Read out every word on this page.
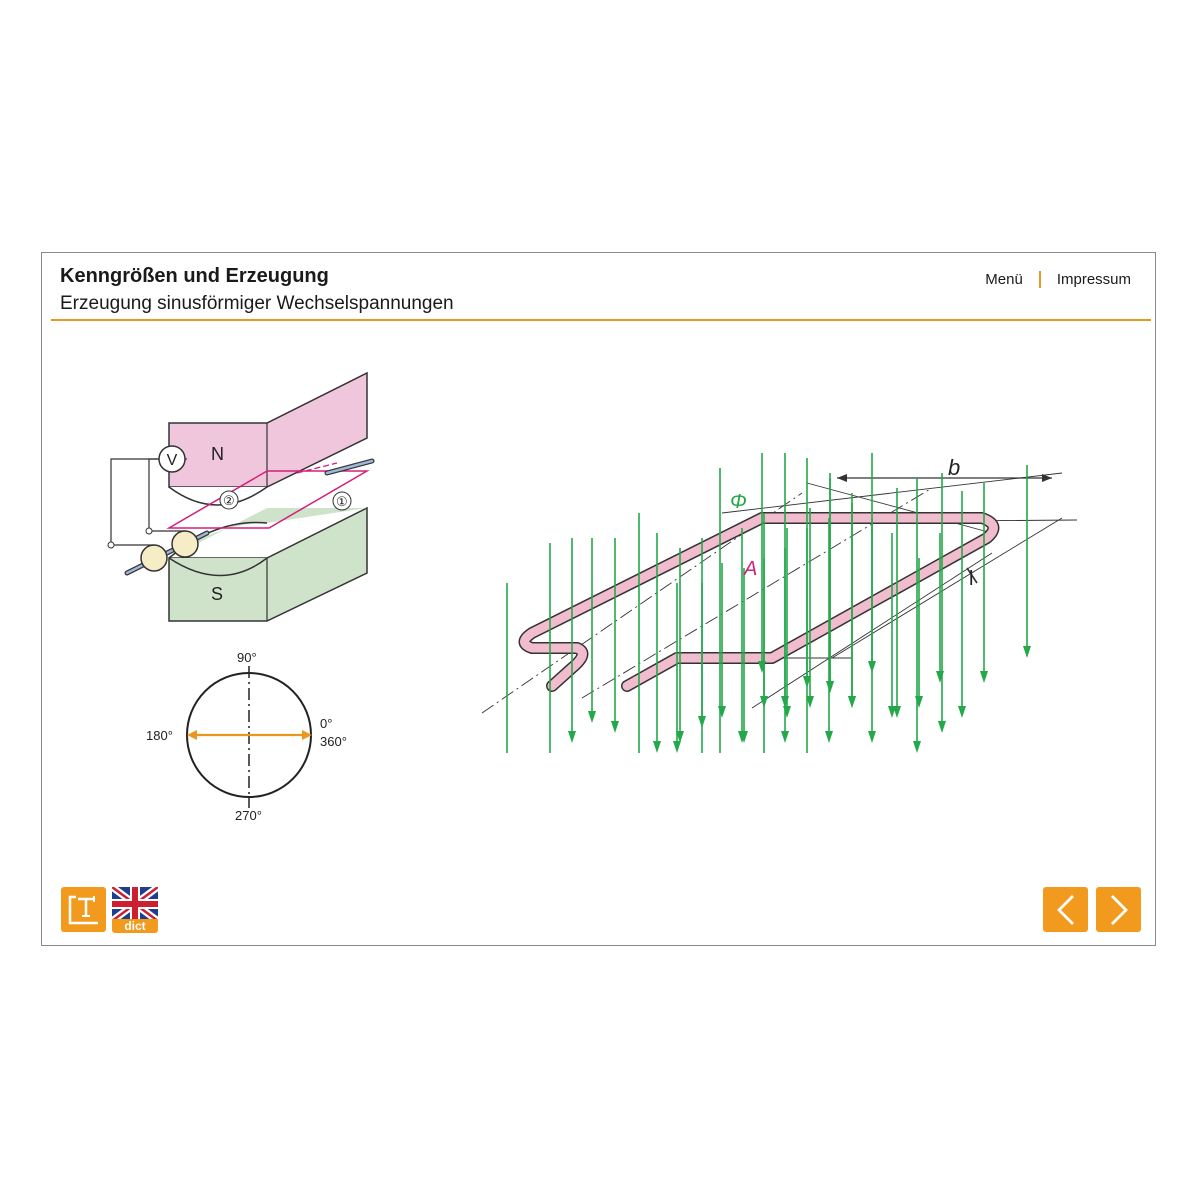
Kenngrößen und Erzeugung
Erzeugung sinusförmiger Wechselspannungen
Menü Impressum
N
S
V
②	①
90°
180°
0°
360°
270°
Φ
A
b
l
dict
